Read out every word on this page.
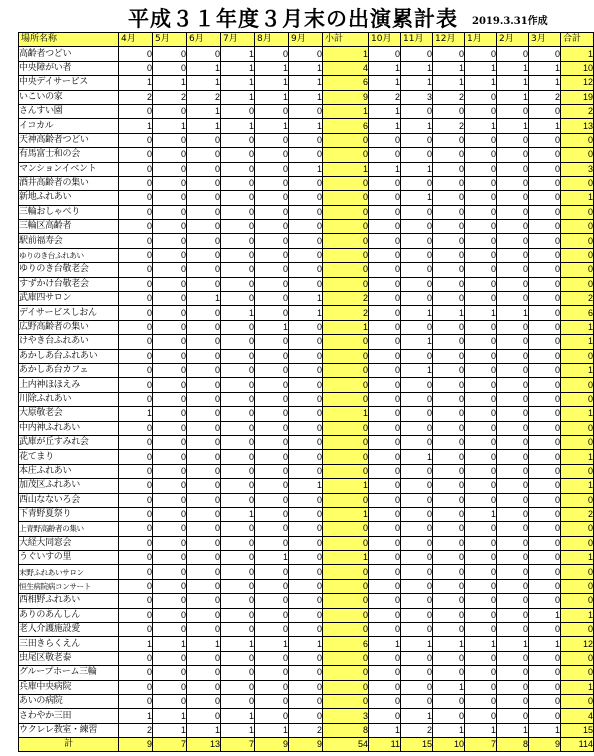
平成３１年度３月末の出演累計表 2019.3.31作成
場所名称	4月	5月	6月	7月	8月	9月	小計	10月	11月	12月	1月	2月	3月	合計
高齢者つどい	0	0	0	1	0	0	1	0	0	0	0	0	0	1
中央障がい者	0	0	1	1	1	1	4	1	1	1	1	1	1	10
中央デイサービス	1	1	1	1	1	1	6	1	1	1	1	1	1	12
いこいの家	2	2	2	1	1	1	9	2	3	2	0	1	2	19
さんすい園	0	0	1	0	0	0	1	1	0	0	0	0	0	2
イコカル	1	1	1	1	1	1	6	1	1	2	1	1	1	13
天神高齢者つどい	0	0	0	0	0	0	0	0	0	0	0	0	0	0
有馬富士和の会	0	0	0	0	0	0	0	0	0	0	0	0	0	0
マンションイベント	0	0	0	0	0	1	1	1	1	0	0	0	0	3
酒井高齢者の集い	0	0	0	0	0	0	0	0	0	0	0	0	0	0
新地ふれあい	0	0	0	0	0	0	0	0	1	0	0	0	0	1
三輪おしゃべり	0	0	0	0	0	0	0	0	0	0	0	0	0	0
三輪区高齢者	0	0	0	0	0	0	0	0	0	0	0	0	0	0
駅前福寿会	0	0	0	0	0	0	0	0	0	0	0	0	0	0
ゆりのき台ふれあい	0	0	0	0	0	0	0	0	0	0	0	0	0	0
ゆりのき台敬老会	0	0	0	0	0	0	0	0	0	0	0	0	0	0
すずかけ台敬老会	0	0	0	0	0	0	0	0	0	0	0	0	0	0
武庫四サロン	0	0	1	0	0	1	2	0	0	0	0	0	0	2
デイサービスしおん	0	0	0	1	0	1	2	0	1	1	1	1	0	6
広野高齢者の集い	0	0	0	0	1	0	1	0	0	0	0	0	0	1
けやき台ふれあい	0	0	0	0	0	0	0	0	1	0	0	0	0	1
あかしあ台ふれあい	0	0	0	0	0	0	0	0	0	0	0	0	0	0
あかしあ台カフェ	0	0	0	0	0	0	0	0	1	0	0	0	0	1
上内神ほほえみ	0	0	0	0	0	0	0	0	0	0	0	0	0	0
川除ふれあい	0	0	0	0	0	0	0	0	0	0	0	0	0	0
大原敬老会	1	0	0	0	0	0	1	0	0	0	0	0	0	1
中内神ふれあい	0	0	0	0	0	0	0	0	0	0	0	0	0	0
武庫が丘すみれ会	0	0	0	0	0	0	0	0	0	0	0	0	0	0
花てまり	0	0	0	0	0	0	0	0	1	0	0	0	0	1
本庄ふれあい	0	0	0	0	0	0	0	0	0	0	0	0	0	0
加茂区ふれあい	0	0	0	0	0	1	1	0	0	0	0	0	0	1
西山なないろ会	0	0	0	0	0	0	0	0	0	0	0	0	0	0
下青野夏祭り	0	0	0	1	0	0	1	0	0	0	1	0	0	2
上青野高齢者の集い	0	0	0	0	0	0	0	0	0	0	0	0	0	0
大経大同窓会	0	0	0	0	0	0	0	0	0	0	0	0	0	0
うぐいすの里	0	0	0	0	1	0	1	0	0	0	0	0	0	1
末野ふれあいサロン	0	0	0	0	0	0	0	0	0	0	0	0	0	0
恒生病院病コンサート	0	0	0	0	0	0	0	0	0	0	0	0	0	0
西相野ふれあい	0	0	0	0	0	0	0	0	0	0	0	0	0	0
ありのあんしん	0	0	0	0	0	0	0	0	0	0	0	0	1	1
老人介護施設愛	0	0	0	0	0	0	0	0	0	0	0	0	0	0
三田きらくえん	1	1	1	1	1	1	6	1	1	1	1	1	1	12
虫尾区敬老泰	0	0	0	0	0	0	0	0	0	0	0	0	0	0
グループホーム三輪	0	0	0	0	0	0	0	0	0	0	0	0	0	0
兵庫中央病院	0	0	0	0	0	0	0	0	0	1	0	0	0	1
あいの病院	0	0	0	0	0	0	0	0	0	0	0	0	0	0
さわやか三田	1	1	0	1	0	0	3	0	1	0	0	0	0	4
ウクレレ教室・練習	2	1	1	1	1	2	8	1	2	1	1	1	1	15
計	9	7	13	7	9	9	54	11	15	10	7	8	9	114
